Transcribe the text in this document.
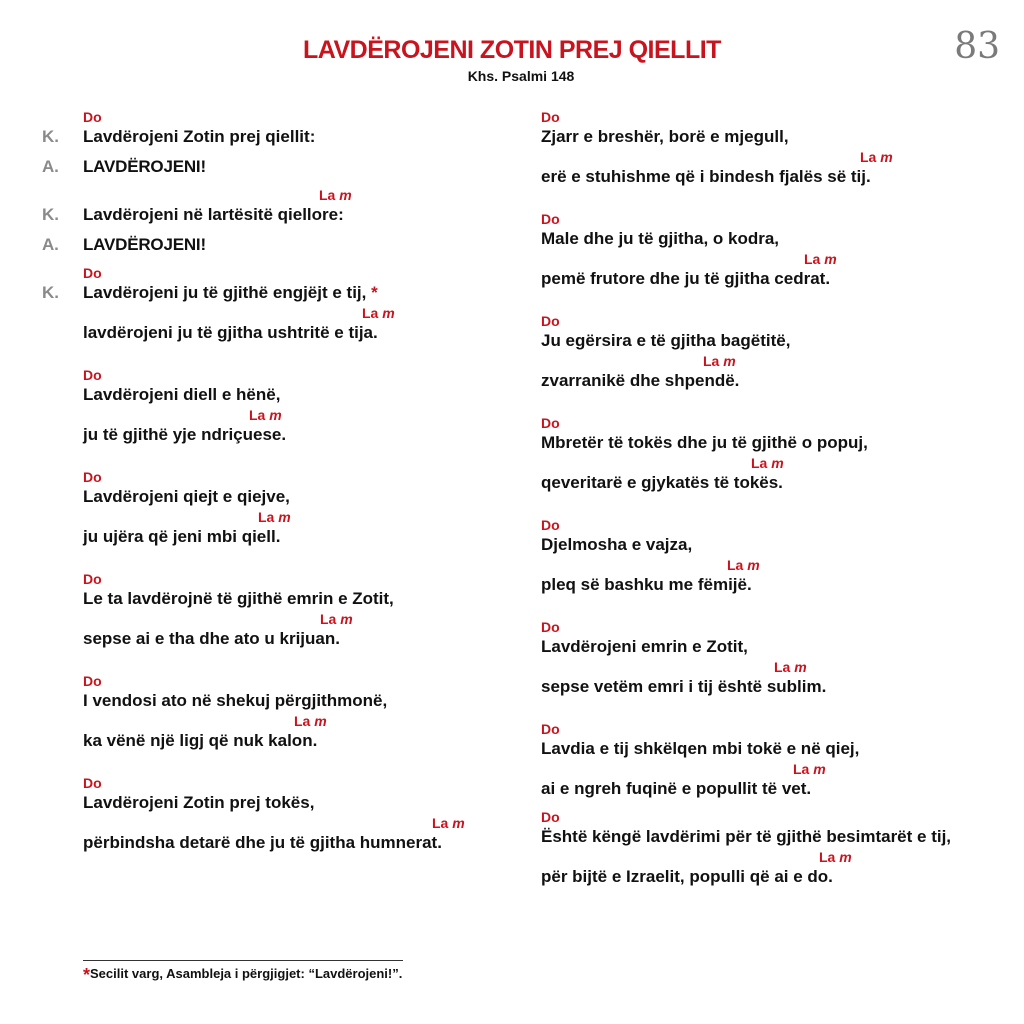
LAVDËROJENI ZOTIN PREJ QIELLIT
Khs. Psalmi 148
83
Do
K. Lavdërojeni Zotin prej qiellit:
A. LAVDËROJENI!
La m
K. Lavdërojeni në lartësitë qiellore:
A. LAVDËROJENI!
Do
K. Lavdërojeni ju të gjithë engjëjt e tij, *
La m
lavdërojeni ju të gjitha ushtritë e tija.
Do
Lavdërojeni diell e hënë,
La m
ju të gjithë yje ndriçuese.
Do
Lavdërojeni qiejt e qiejve,
La m
ju ujëra që jeni mbi qiell.
Do
Le ta lavdërojnë të gjithë emrin e Zotit,
La m
sepse ai e tha dhe ato u krijuan.
Do
I vendosi ato në shekuj përgjithmonë,
La m
ka vënë një ligj që nuk kalon.
Do
Lavdërojeni Zotin prej tokës,
La m
përbindsha detarë dhe ju të gjitha humnerat.
Do
Zjarr e breshër, borë e mjegull,
La m
erë e stuhishme që i bindesh fjalës së tij.
Do
Male dhe ju të gjitha, o kodra,
La m
pemë frutore dhe ju të gjitha cedrat.
Do
Ju egërsira e të gjitha bagëtitë,
La m
zvarranikë dhe shpendë.
Do
Mbretër të tokës dhe ju të gjithë o popuj,
La m
qeveritarë e gjykatës të tokës.
Do
Djelmosha e vajza,
La m
pleq së bashku me fëmijë.
Do
Lavdërojeni emrin e Zotit,
La m
sepse vetëm emri i tij është sublim.
Do
Lavdia e tij shkëlqen mbi tokë e në qiej,
La m
ai e ngreh fuqinë e popullit të vet.
Do
Është këngë lavdërimi për të gjithë besimtarët e tij,
La m
për bijtë e Izraelit, populli që ai e do.
*Secilit varg, Asambleja i përgjigjet: “Lavdërojeni!”.
